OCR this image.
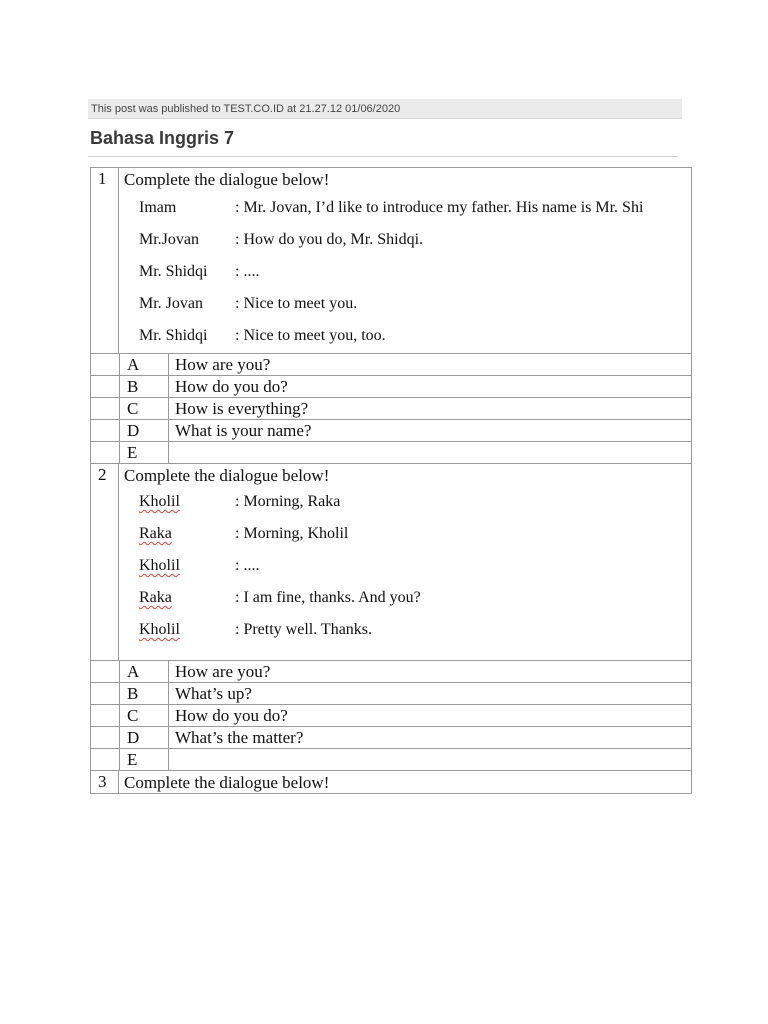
This post was published to TEST.CO.ID at 21.27.12 01/06/2020
Bahasa Inggris 7
1 Complete the dialogue below!
Imam	: Mr. Jovan, I’d like to introduce my father. His name is Mr. Shi
Mr.Jovan : How do you do, Mr. Shidqi.
Mr. Shidqi : ....
Mr. Jovan : Nice to meet you.
Mr. Shidqi : Nice to meet you, too.
A How are you?
B How do you do?
C How is everything?
D What is your name?
E
2 Complete the dialogue below!
Kholil	: Morning, Raka
Raka	: Morning, Kholil
Kholil	: ....
Raka	: I am fine, thanks. And you?
Kholil	: Pretty well. Thanks.
A How are you?
B What’s up?
C How do you do?
D What’s the matter?
E
3 Complete the dialogue below!
